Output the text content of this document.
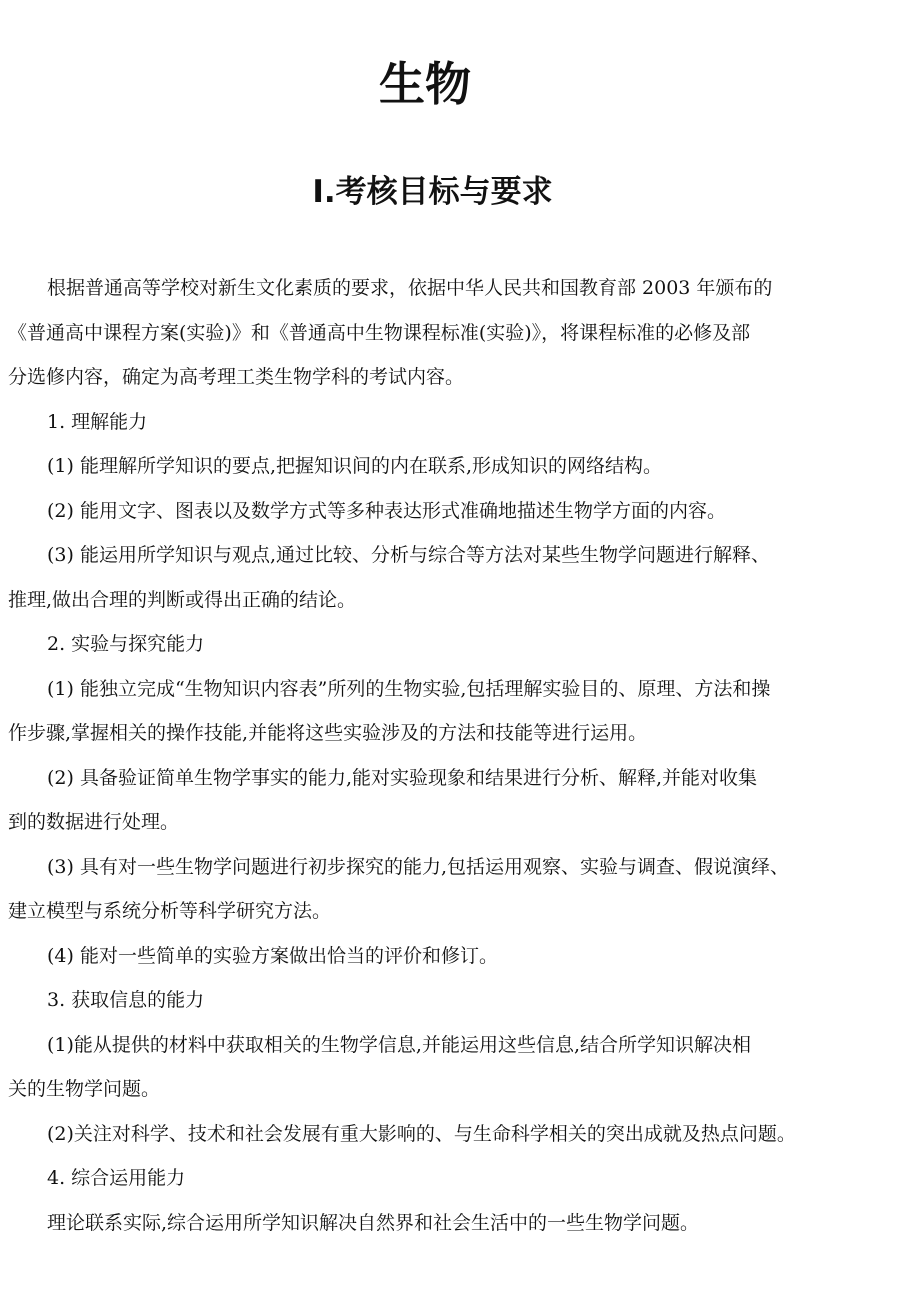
生物
Ⅰ.考核目标与要求

根据普通高等学校对新生文化素质的要求，依据中华人民共和国教育部 2003 年颁布的
《普通高中课程方案(实验)》和《普通高中生物课程标准(实验)》，将课程标准的必修及部
分选修内容，确定为高考理工类生物学科的考试内容。

1. 理解能力

(1) 能理解所学知识的要点,把握知识间的内在联系,形成知识的网络结构。

(2) 能用文字、图表以及数学方式等多种表达形式准确地描述生物学方面的内容。

(3) 能运用所学知识与观点,通过比较、分析与综合等方法对某些生物学问题进行解释、
推理,做出合理的判断或得出正确的结论。

2. 实验与探究能力

(1) 能独立完成“生物知识内容表”所列的生物实验,包括理解实验目的、原理、方法和操
作步骤,掌握相关的操作技能,并能将这些实验涉及的方法和技能等进行运用。

(2) 具备验证简单生物学事实的能力,能对实验现象和结果进行分析、解释,并能对收集
到的数据进行处理。

(3) 具有对一些生物学问题进行初步探究的能力,包括运用观察、实验与调查、假说演绎、
建立模型与系统分析等科学研究方法。

(4) 能对一些简单的实验方案做出恰当的评价和修订。

3. 获取信息的能力

(1)能从提供的材料中获取相关的生物学信息,并能运用这些信息,结合所学知识解决相
关的生物学问题。

(2)关注对科学、技术和社会发展有重大影响的、与生命科学相关的突出成就及热点问题。

4. 综合运用能力

理论联系实际,综合运用所学知识解决自然界和社会生活中的一些生物学问题。
